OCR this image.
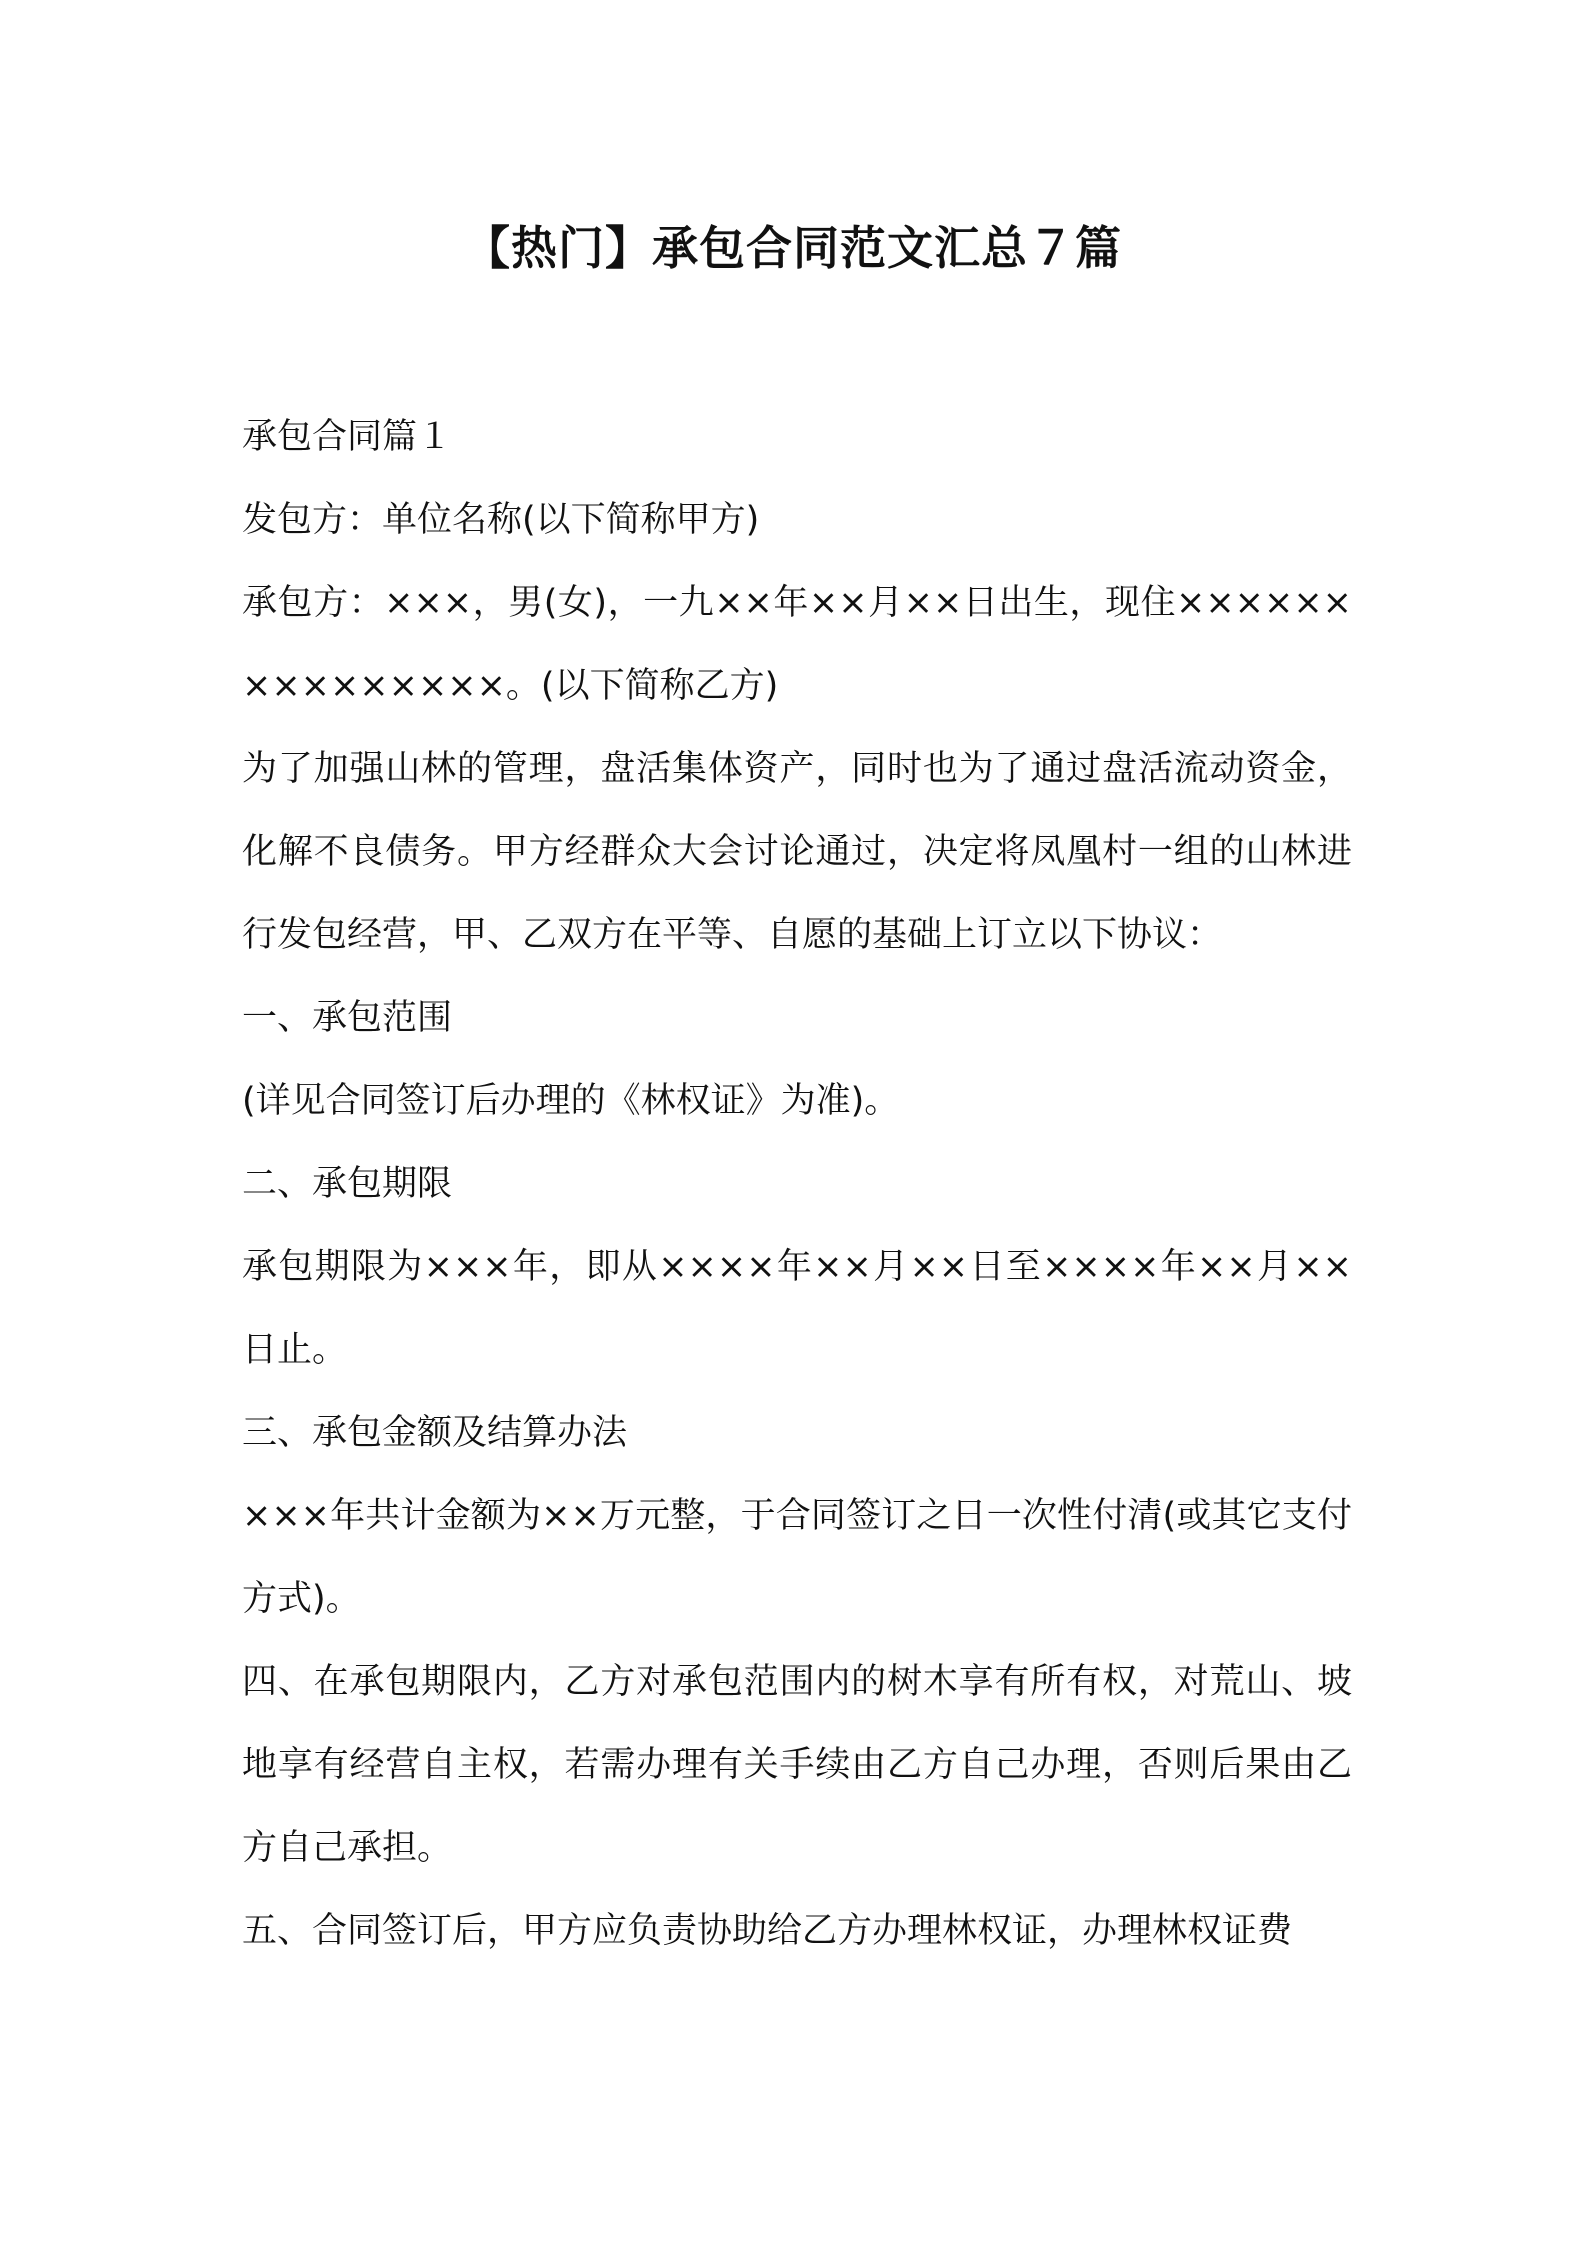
【热门】承包合同范文汇总７篇

承包合同篇１

发包方：单位名称(以下简称甲方)

承包方：×××，男(女)，一九××年××月××日出生，现住×××××××××××××××。(以下简称乙方)

为了加强山林的管理，盘活集体资产，同时也为了通过盘活流动资金，化解不良债务。甲方经群众大会讨论通过，决定将凤凰村一组的山林进行发包经营，甲、乙双方在平等、自愿的基础上订立以下协议：

一、承包范围

(详见合同签订后办理的《林权证》为准)。

二、承包期限

承包期限为×××年，即从××××年××月××日至××××年××月××日止。

三、承包金额及结算办法

×××年共计金额为××万元整，于合同签订之日一次性付清(或其它支付方式)。

四、在承包期限内，乙方对承包范围内的树木享有所有权，对荒山、坡地享有经营自主权，若需办理有关手续由乙方自己办理，否则后果由乙方自己承担。

五、合同签订后，甲方应负责协助给乙方办理林权证，办理林权证费
